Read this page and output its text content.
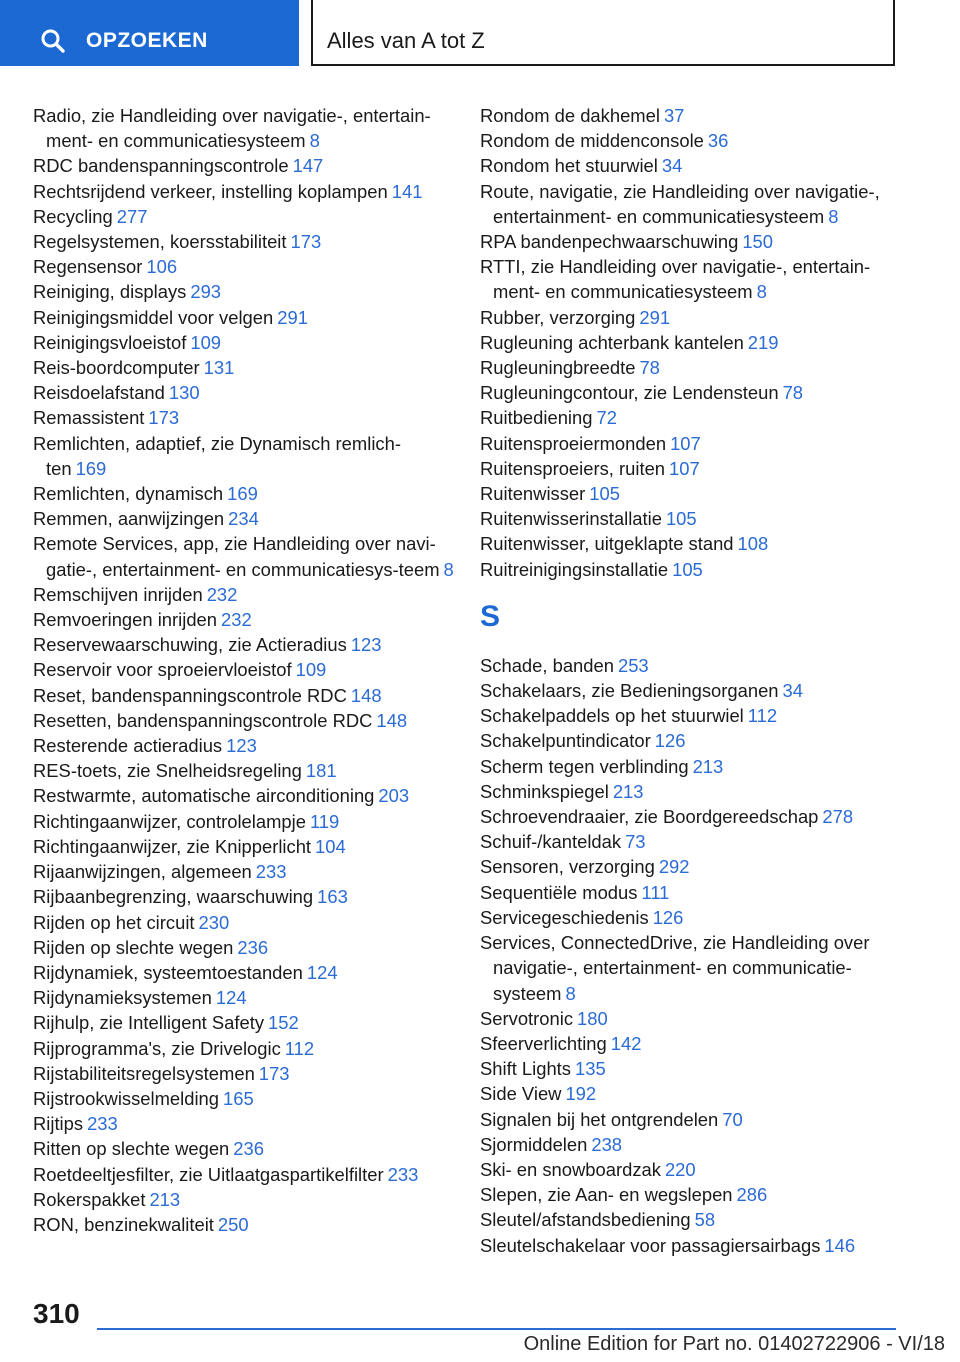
OPZOEKEN	Alles van A tot Z
Radio, zie Handleiding over navigatie-, entertain-ment- en communicatiesysteem 8
RDC bandenspanningscontrole 147
Rechtsrijdend verkeer, instelling koplampen 141
Recycling 277
Regelsystemen, koersstabiliteit 173
Regensensor 106
Reiniging, displays 293
Reinigingsmiddel voor velgen 291
Reinigingsvloeistof 109
Reis-boordcomputer 131
Reisdoelafstand 130
Remassistent 173
Remlichten, adaptief, zie Dynamisch remlich-ten 169
Remlichten, dynamisch 169
Remmen, aanwijzingen 234
Remote Services, app, zie Handleiding over navi-gatie-, entertainment- en communicatiesys-teem 8
Remschijven inrijden 232
Remvoeringen inrijden 232
Reservewaarschuwing, zie Actieradius 123
Reservoir voor sproeiervloeistof 109
Reset, bandenspanningscontrole RDC 148
Resetten, bandenspanningscontrole RDC 148
Resterende actieradius 123
RES-toets, zie Snelheidsregeling 181
Restwarmte, automatische airconditioning 203
Richtingaanwijzer, controlelampje 119
Richtingaanwijzer, zie Knipperlicht 104
Rijaanwijzingen, algemeen 233
Rijbaanbegrenzing, waarschuwing 163
Rijden op het circuit 230
Rijden op slechte wegen 236
Rijdynamiek, systeemtoestanden 124
Rijdynamieksystemen 124
Rijhulp, zie Intelligent Safety 152
Rijprogramma's, zie Drivelogic 112
Rijstabiliteitsregelsystemen 173
Rijstrookwisselmelding 165
Rijtips 233
Ritten op slechte wegen 236
Roetdeeltjesfilter, zie Uitlaatgaspartikelfilter 233
Rokerspakket 213
RON, benzinekwaliteit 250
Rondom de dakhemel 37
Rondom de middenconsole 36
Rondom het stuurwiel 34
Route, navigatie, zie Handleiding over navigatie-, entertainment- en communicatiesysteem 8
RPA bandenpechwaarschuwing 150
RTTI, zie Handleiding over navigatie-, entertain-ment- en communicatiesysteem 8
Rubber, verzorging 291
Rugleuning achterbank kantelen 219
Rugleuningbreedte 78
Rugleuningcontour, zie Lendensteun 78
Ruitbediening 72
Ruitensproeiermonden 107
Ruitensproeiers, ruiten 107
Ruitenwisser 105
Ruitenwisserinstallatie 105
Ruitenwisser, uitgeklapte stand 108
Ruitreinigingsinstallatie 105
S
Schade, banden 253
Schakelaars, zie Bedieningsorganen 34
Schakelpaddels op het stuurwiel 112
Schakelpuntindicator 126
Scherm tegen verblinding 213
Schminkspiegel 213
Schroevendraaier, zie Boordgereedschap 278
Schuif-/kanteldak 73
Sensoren, verzorging 292
Sequentiële modus 111
Servicegeschiedenis 126
Services, ConnectedDrive, zie Handleiding over navigatie-, entertainment- en communicatie-systeem 8
Servotronic 180
Sfeerverlichting 142
Shift Lights 135
Side View 192
Signalen bij het ontgrendelen 70
Sjormiddelen 238
Ski- en snowboardzak 220
Slepen, zie Aan- en wegslepen 286
Sleutel/afstandsbediening 58
Sleutelschakelaar voor passagiersairbags 146
310
Online Edition for Part no. 01402722906 - VI/18
